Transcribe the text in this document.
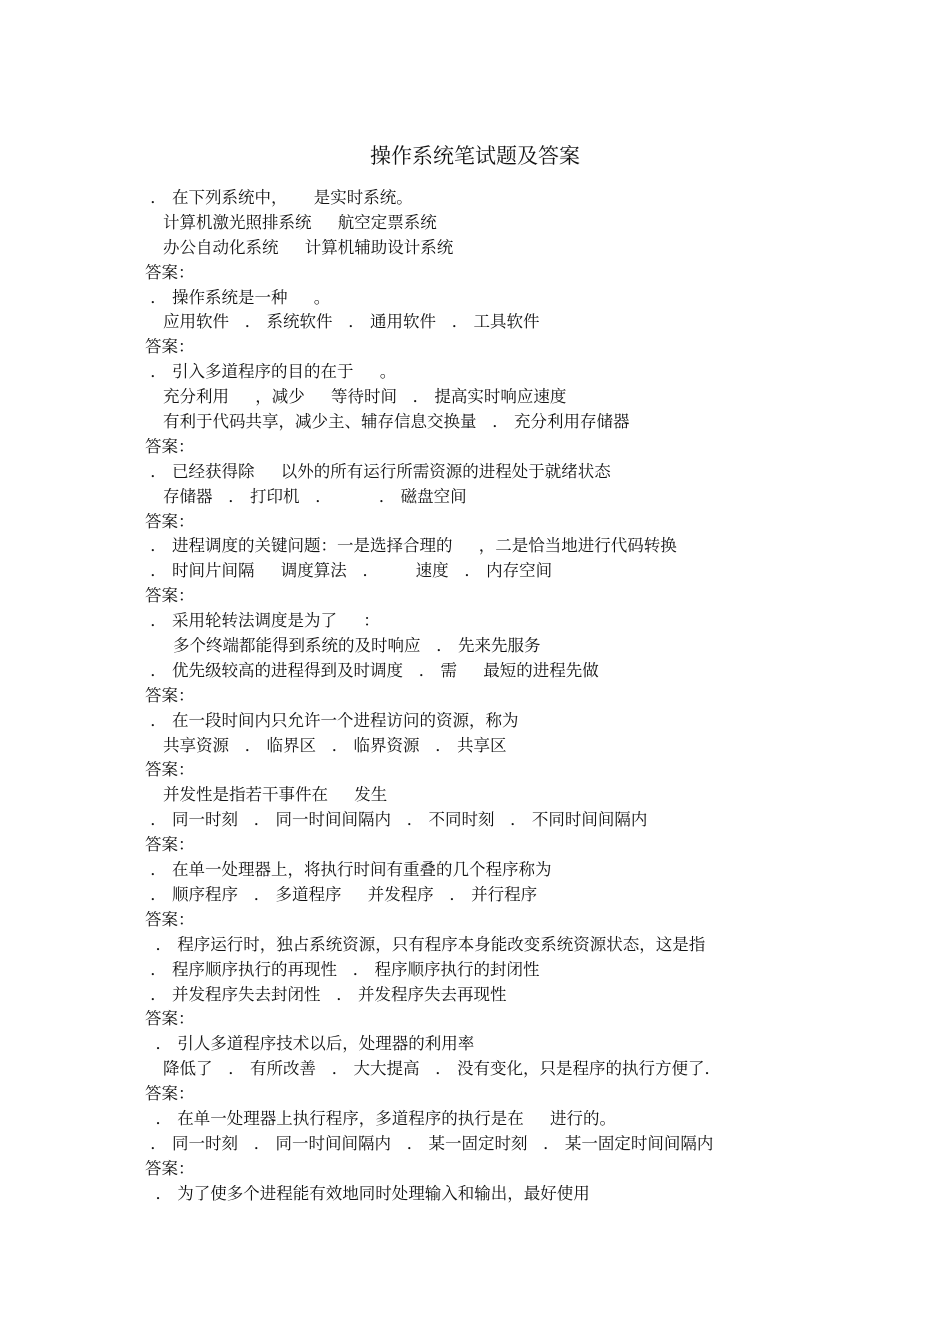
操作系统笔试题及答案
． 在下列系统中，     是实时系统。
计算机激光照排系统     航空定票系统
办公自动化系统     计算机辅助设计系统
答案：
． 操作系统是一种     。
应用软件   ． 系统软件   ． 通用软件   ． 工具软件
答案：
． 引入多道程序的目的在于     。
充分利用     ，减少     等待时间   ． 提高实时响应速度
有利于代码共享，减少主、辅存信息交换量   ． 充分利用存储器
答案：
． 已经获得除     以外的所有运行所需资源的进程处于就绪状态
存储器   ． 打印机   ．         ． 磁盘空间
答案：
． 进程调度的关键问题：一是选择合理的     ，二是恰当地进行代码转换
． 时间片间隔     调度算法   ．       速度   ． 内存空间
答案：
． 采用轮转法调度是为了     ：
多个终端都能得到系统的及时响应   ． 先来先服务
． 优先级较高的进程得到及时调度   ． 需     最短的进程先做
答案：
． 在一段时间内只允许一个进程访问的资源，称为
共享资源   ． 临界区   ． 临界资源   ． 共享区
答案：
并发性是指若干事件在     发生
． 同一时刻   ． 同一时间间隔内   ． 不同时刻   ． 不同时间间隔内
答案：
． 在单一处理器上，将执行时间有重叠的几个程序称为
． 顺序程序   ． 多道程序     并发程序   ． 并行程序
答案：
． 程序运行时，独占系统资源，只有程序本身能改变系统资源状态，这是指
． 程序顺序执行的再现性   ． 程序顺序执行的封闭性
． 并发程序失去封闭性   ． 并发程序失去再现性
答案：
． 引人多道程序技术以后，处理器的利用率
降低了   ． 有所改善   ． 大大提高   ． 没有变化，只是程序的执行方便了．
答案：
． 在单一处理器上执行程序，多道程序的执行是在     进行的。
． 同一时刻   ． 同一时间间隔内   ． 某一固定时刻   ． 某一固定时间间隔内
答案：
． 为了使多个进程能有效地同时处理输入和输出，最好使用
